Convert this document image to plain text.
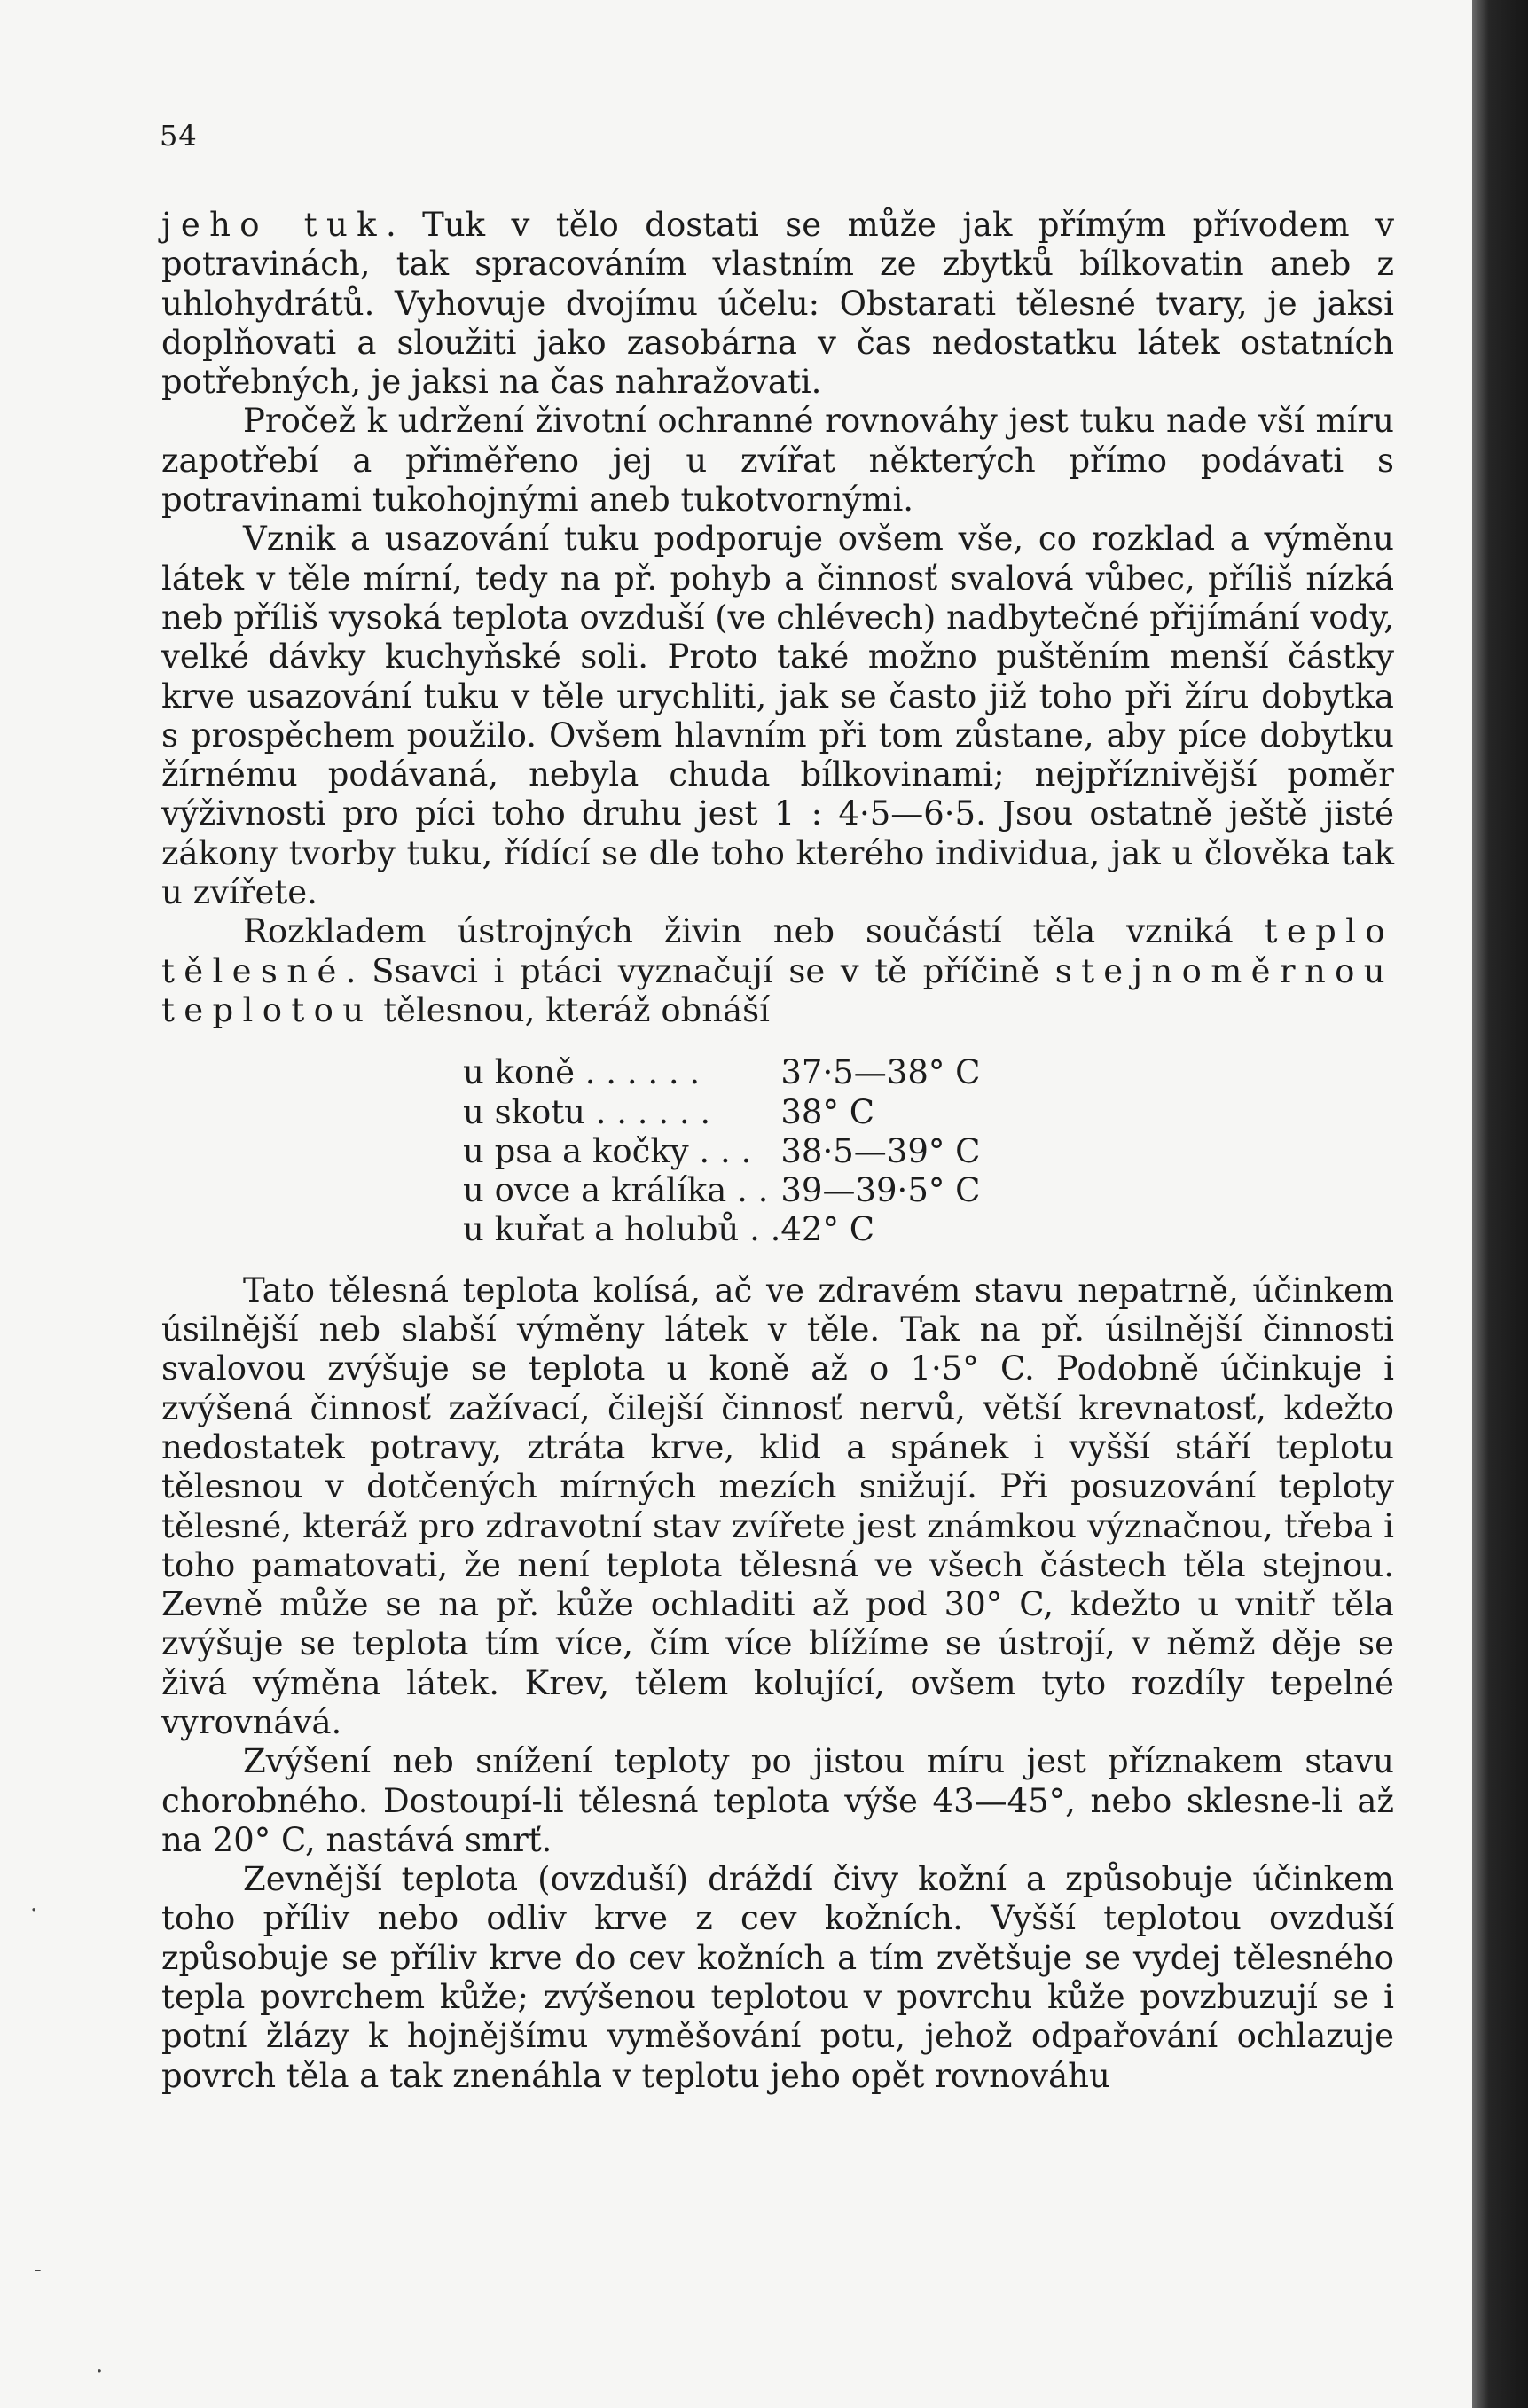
54

jeho tuk. Tuk v tělo dostati se může jak přímým přívodem v potravinách, tak spracováním vlastním ze zbytků bílkovatin aneb z uhlohydrátů. Vyhovuje dvojímu účelu: Obstarati tělesné tvary, je jaksi doplňovati a sloužiti jako zasobárna v čas nedostatku látek ostatních potřebných, je jaksi na čas nahražovati.

Pročež k udržení životní ochranné rovnováhy jest tuku nade vší míru zapotřebí a přiměřeno jej u zvířat některých přímo podávati s potravinami tukohojnými aneb tukotvornými.

Vznik a usazování tuku podporuje ovšem vše, co rozklad a výměnu látek v těle mírní, tedy na př. pohyb a činnosť svalová vůbec, příliš nízká neb příliš vysoká teplota ovzduší (ve chlévech) nadbytečné přijímání vody, velké dávky kuchyňské soli. Proto také možno puštěním menší částky krve usazování tuku v těle urychliti, jak se často již toho při žíru dobytka s prospěchem použilo. Ovšem hlavním při tom zůstane, aby píce dobytku žírnému podávaná, nebyla chuda bílkovinami; nejpříznivější poměr výživnosti pro píci toho druhu jest 1 : 4·5—6·5. Jsou ostatně ještě jisté zákony tvorby tuku, řídící se dle toho kterého individua, jak u člověka tak u zvířete.

Rozkladem ústrojných živin neb součástí těla vzniká teplo tělesné. Ssavci i ptáci vyznačují se v tě příčině stejnoměrnou teplotou tělesnou, kteráž obnáší

u koně . . . . . .	37·5—38° C
u skotu . . . . . .	38° C
u psa a kočky . . .	38·5—39° C
u ovce a králíka . .	39—39·5° C
u kuřat a holubů . .	42° C

Tato tělesná teplota kolísá, ač ve zdravém stavu nepatrně, účinkem úsilnější neb slabší výměny látek v těle. Tak na př. úsilnější činnosti svalovou zvýšuje se teplota u koně až o 1·5° C. Podobně účinkuje i zvýšená činnosť zažívací, čilejší činnosť nervů, větší krevnatosť, kdežto nedostatek potravy, ztráta krve, klid a spánek i vyšší stáří teplotu tělesnou v dotčených mírných mezích snižují. Při posuzování teploty tělesné, kteráž pro zdravotní stav zvířete jest známkou význačnou, třeba i toho pamatovati, že není teplota tělesná ve všech částech těla stejnou. Zevně může se na př. kůže ochladiti až pod 30° C, kdežto u vnitř těla zvýšuje se teplota tím více, čím více blížíme se ústrojí, v němž děje se živá výměna látek. Krev, tělem kolující, ovšem tyto rozdíly tepelné vyrovnává.

Zvýšení neb snížení teploty po jistou míru jest příznakem stavu chorobného. Dostoupí-li tělesná teplota výše 43—45°, nebo sklesne-li až na 20° C, nastává smrť.

Zevnější teplota (ovzduší) dráždí čivy kožní a způsobuje účinkem toho příliv nebo odliv krve z cev kožních. Vyšší teplotou ovzduší způsobuje se příliv krve do cev kožních a tím zvětšuje se vydej tělesného tepla povrchem kůže; zvýšenou teplotou v povrchu kůže povzbuzují se i potní žlázy k hojnějšímu vyměšování potu, jehož odpařování ochlazuje povrch těla a tak znenáhla v teplotu jeho opět rovnováhu

·
-
·
